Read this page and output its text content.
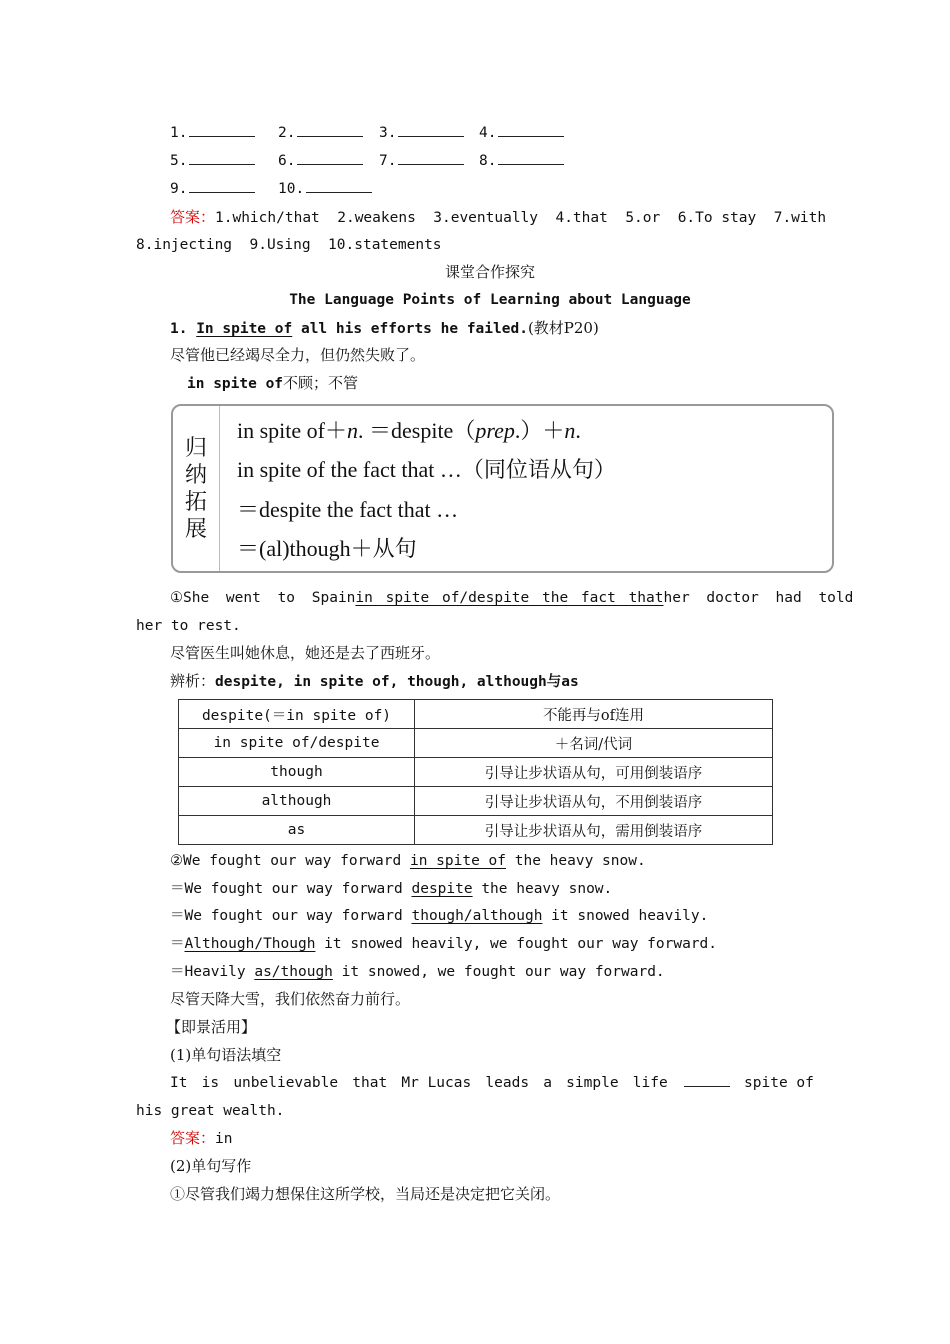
1.	2.	3.	4.
5.	6.	7.	8.
9.	10.
答案：1.which/that  2.weakens  3.eventually  4.that  5.or  6.To stay  7.with
8.injecting  9.Using  10.statements
课堂合作探究
The Language Points of Learning about Language
1. In spite of all his efforts he failed.(教材P20)
尽管他已经竭尽全力，但仍然失败了。
in spite of不顾；不管
归
纳
拓
展
in spite of＋n. ＝despite（prep.）＋n.
in spite of the fact that …（同位语从句）
＝despite the fact that …
＝(al)though＋从句
①She went to Spain in spite of/despite the fact that her doctor had told
her to rest.
尽管医生叫她休息，她还是去了西班牙。
辨析：despite, in spite of, though, although与as
despite(＝in spite of)	不能再与of连用
in spite of/despite	＋名词/代词
though	引导让步状语从句，可用倒装语序
although	引导让步状语从句，不用倒装语序
as	引导让步状语从句，需用倒装语序
②We fought our way forward in spite of the heavy snow.
＝We fought our way forward despite the heavy snow.
＝We fought our way forward though/although it snowed heavily.
＝Although/Though it snowed heavily, we fought our way forward.
＝Heavily as/though it snowed, we fought our way forward.
尽管天降大雪，我们依然奋力前行。
【即景活用】
(1)单句语法填空
It is unbelievable that Mr Lucas leads a simple life	spite of
his great wealth.
答案：in
(2)单句写作
①尽管我们竭力想保住这所学校，当局还是决定把它关闭。
